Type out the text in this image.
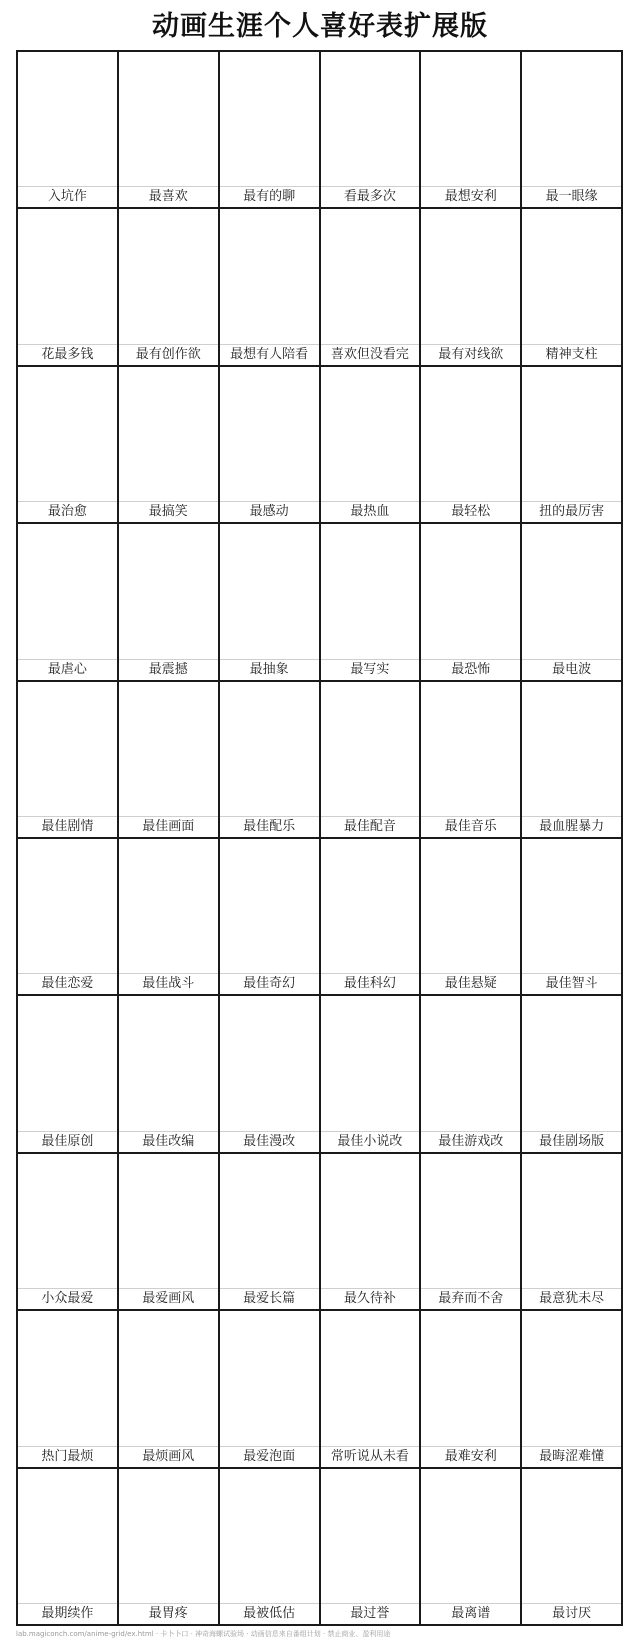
动画生涯个人喜好表扩展版
入坑作	最喜欢	最有的聊	看最多次	最想安利	最一眼缘
花最多钱	最有创作欲	最想有人陪看	喜欢但没看完	最有对线欲	精神支柱
最治愈	最搞笑	最感动	最热血	最轻松	扭的最厉害
最虐心	最震撼	最抽象	最写实	最恐怖	最电波
最佳剧情	最佳画面	最佳配乐	最佳配音	最佳音乐	最血腥暴力
最佳恋爱	最佳战斗	最佳奇幻	最佳科幻	最佳悬疑	最佳智斗
最佳原创	最佳改编	最佳漫改	最佳小说改	最佳游戏改	最佳剧场版
小众最爱	最爱画风	最爱长篇	最久待补	最弃而不舍	最意犹未尽
热门最烦	最烦画风	最爱泡面	常听说从未看	最难安利	最晦涩难懂
最期续作	最胃疼	最被低估	最过誉	最离谱	最讨厌
lab.magiconch.com/anime-grid/ex.html · 卡卜卜口 · 神奇海螺试验场 · 动画信息来自番组计划 · 禁止商业、盈利用途
